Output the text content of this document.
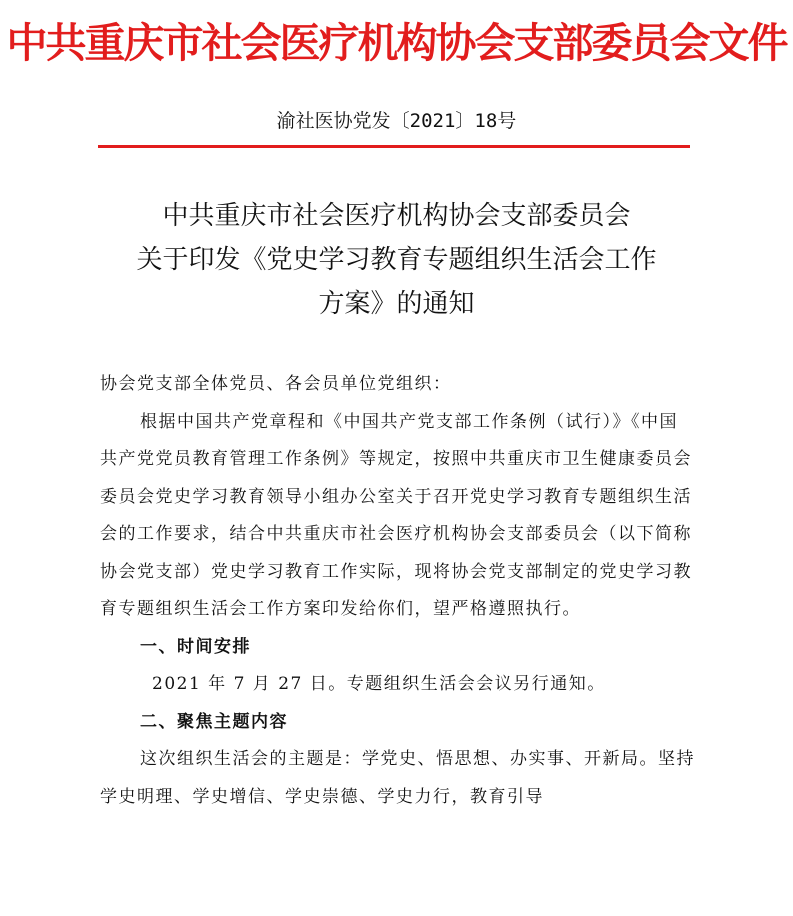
中共重庆市社会医疗机构协会支部委员会文件
渝社医协党发〔2021〕18号
中共重庆市社会医疗机构协会支部委员会
关于印发《党史学习教育专题组织生活会工作
方案》的通知

协会党支部全体党员、各会员单位党组织：

根据中国共产党章程和《中国共产党支部工作条例（试行）》《中国共产党党员教育管理工作条例》等规定，按照中共重庆市卫生健康委员会委员会党史学习教育领导小组办公室关于召开党史学习教育专题组织生活会的工作要求，结合中共重庆市社会医疗机构协会支部委员会（以下简称协会党支部）党史学习教育工作实际，现将协会党支部制定的党史学习教育专题组织生活会工作方案印发给你们，望严格遵照执行。

一、时间安排

2021 年 7 月 27 日。专题组织生活会会议另行通知。

二、聚焦主题内容

这次组织生活会的主题是：学党史、悟思想、办实事、开新局。坚持学史明理、学史增信、学史崇德、学史力行，教育引导
